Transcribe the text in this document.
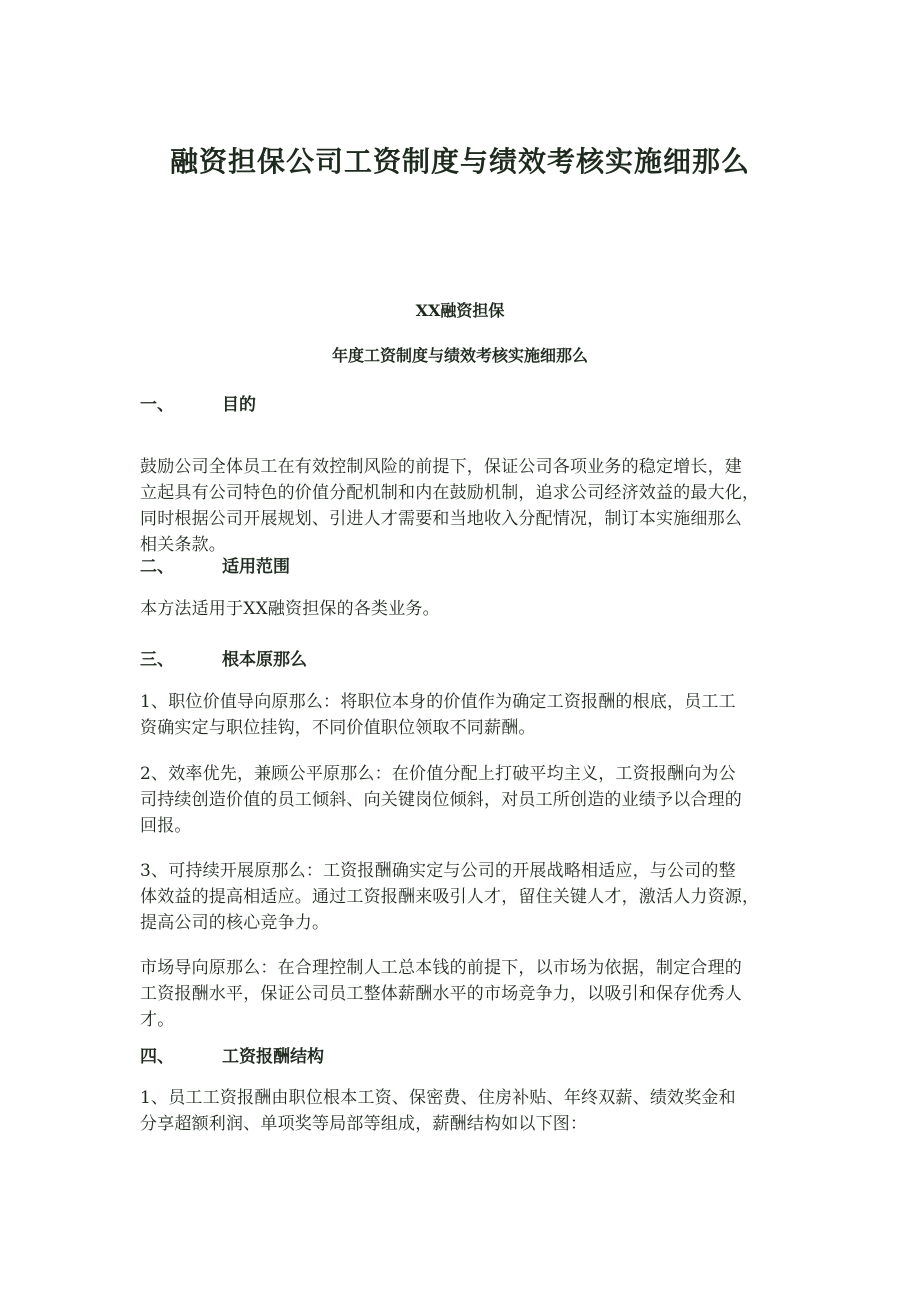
融资担保公司工资制度与绩效考核实施细那么
XX融资担保
年度工资制度与绩效考核实施细那么
一、	目的
鼓励公司全体员工在有效控制风险的前提下，保证公司各项业务的稳定增长，建
立起具有公司特色的价值分配机制和内在鼓励机制，追求公司经济效益的最大化，
同时根据公司开展规划、引进人才需要和当地收入分配情况，制订本实施细那么
相关条款。
二、	适用范围
本方法适用于XX融资担保的各类业务。
三、	根本原那么
1、职位价值导向原那么：将职位本身的价值作为确定工资报酬的根底，员工工
资确实定与职位挂钩，不同价值职位领取不同薪酬。
2、效率优先，兼顾公平原那么：在价值分配上打破平均主义，工资报酬向为公
司持续创造价值的员工倾斜、向关键岗位倾斜，对员工所创造的业绩予以合理的
回报。
3、可持续开展原那么：工资报酬确实定与公司的开展战略相适应，与公司的整
体效益的提高相适应。通过工资报酬来吸引人才，留住关键人才，激活人力资源，
提高公司的核心竞争力。
市场导向原那么：在合理控制人工总本钱的前提下，以市场为依据，制定合理的
工资报酬水平，保证公司员工整体薪酬水平的市场竞争力，以吸引和保存优秀人
才。
四、	工资报酬结构
1、员工工资报酬由职位根本工资、保密费、住房补贴、年终双薪、绩效奖金和
分享超额利润、单项奖等局部等组成，薪酬结构如以下图：
